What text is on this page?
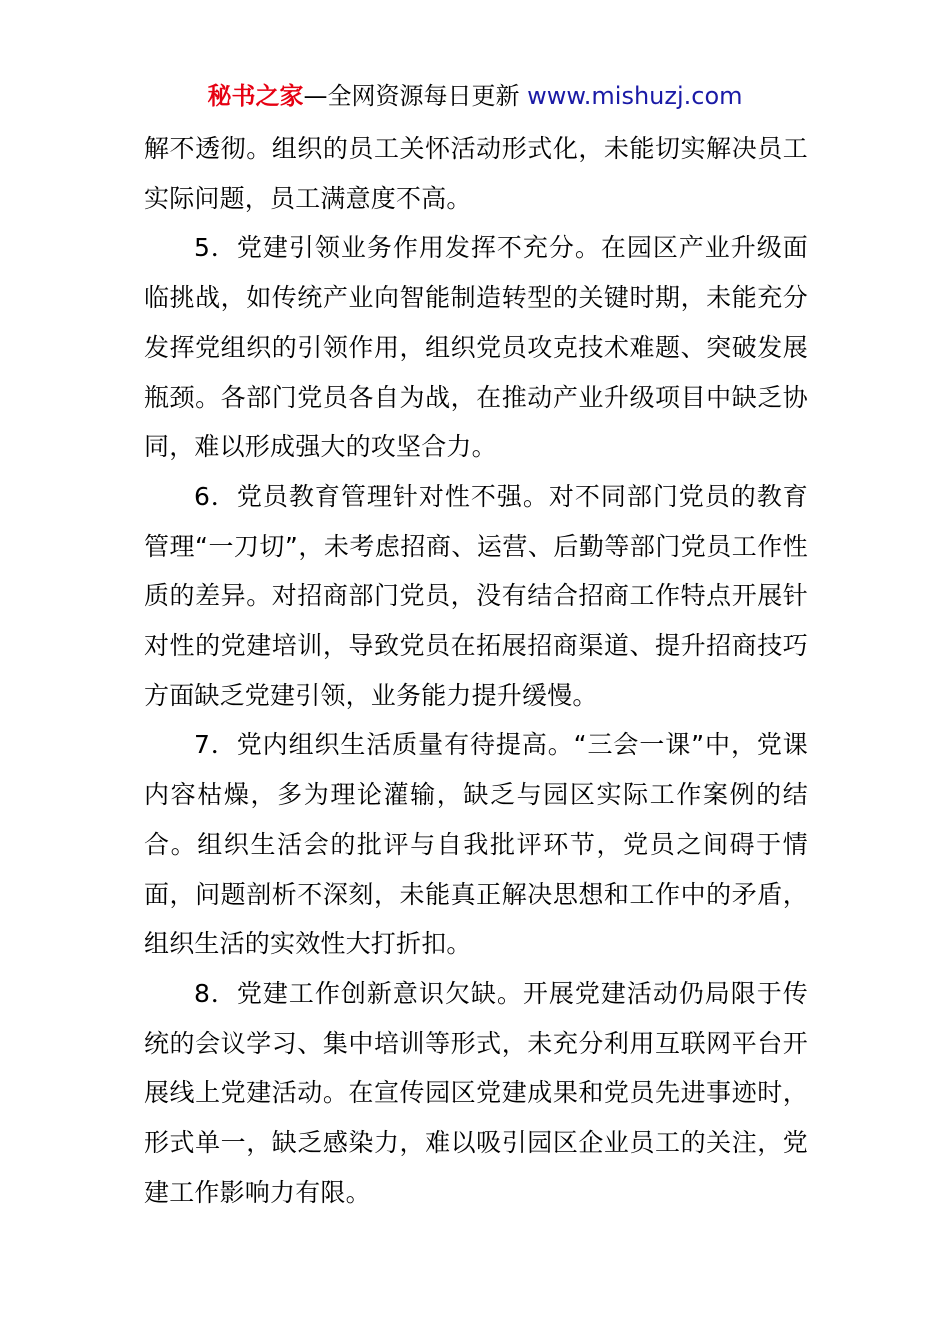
秘书之家—全网资源每日更新 www.mishuzj.com

解不透彻。组织的员工关怀活动形式化，未能切实解决员工实际问题，员工满意度不高。

5．党建引领业务作用发挥不充分。在园区产业升级面临挑战，如传统产业向智能制造转型的关键时期，未能充分发挥党组织的引领作用，组织党员攻克技术难题、突破发展瓶颈。各部门党员各自为战，在推动产业升级项目中缺乏协同，难以形成强大的攻坚合力。

6．党员教育管理针对性不强。对不同部门党员的教育管理“一刀切”，未考虑招商、运营、后勤等部门党员工作性质的差异。对招商部门党员，没有结合招商工作特点开展针对性的党建培训，导致党员在拓展招商渠道、提升招商技巧方面缺乏党建引领，业务能力提升缓慢。

7．党内组织生活质量有待提高。“三会一课”中，党课内容枯燥，多为理论灌输，缺乏与园区实际工作案例的结合。组织生活会的批评与自我批评环节，党员之间碍于情面，问题剖析不深刻，未能真正解决思想和工作中的矛盾，组织生活的实效性大打折扣。

8．党建工作创新意识欠缺。开展党建活动仍局限于传统的会议学习、集中培训等形式，未充分利用互联网平台开展线上党建活动。在宣传园区党建成果和党员先进事迹时，形式单一，缺乏感染力，难以吸引园区企业员工的关注，党建工作影响力有限。
